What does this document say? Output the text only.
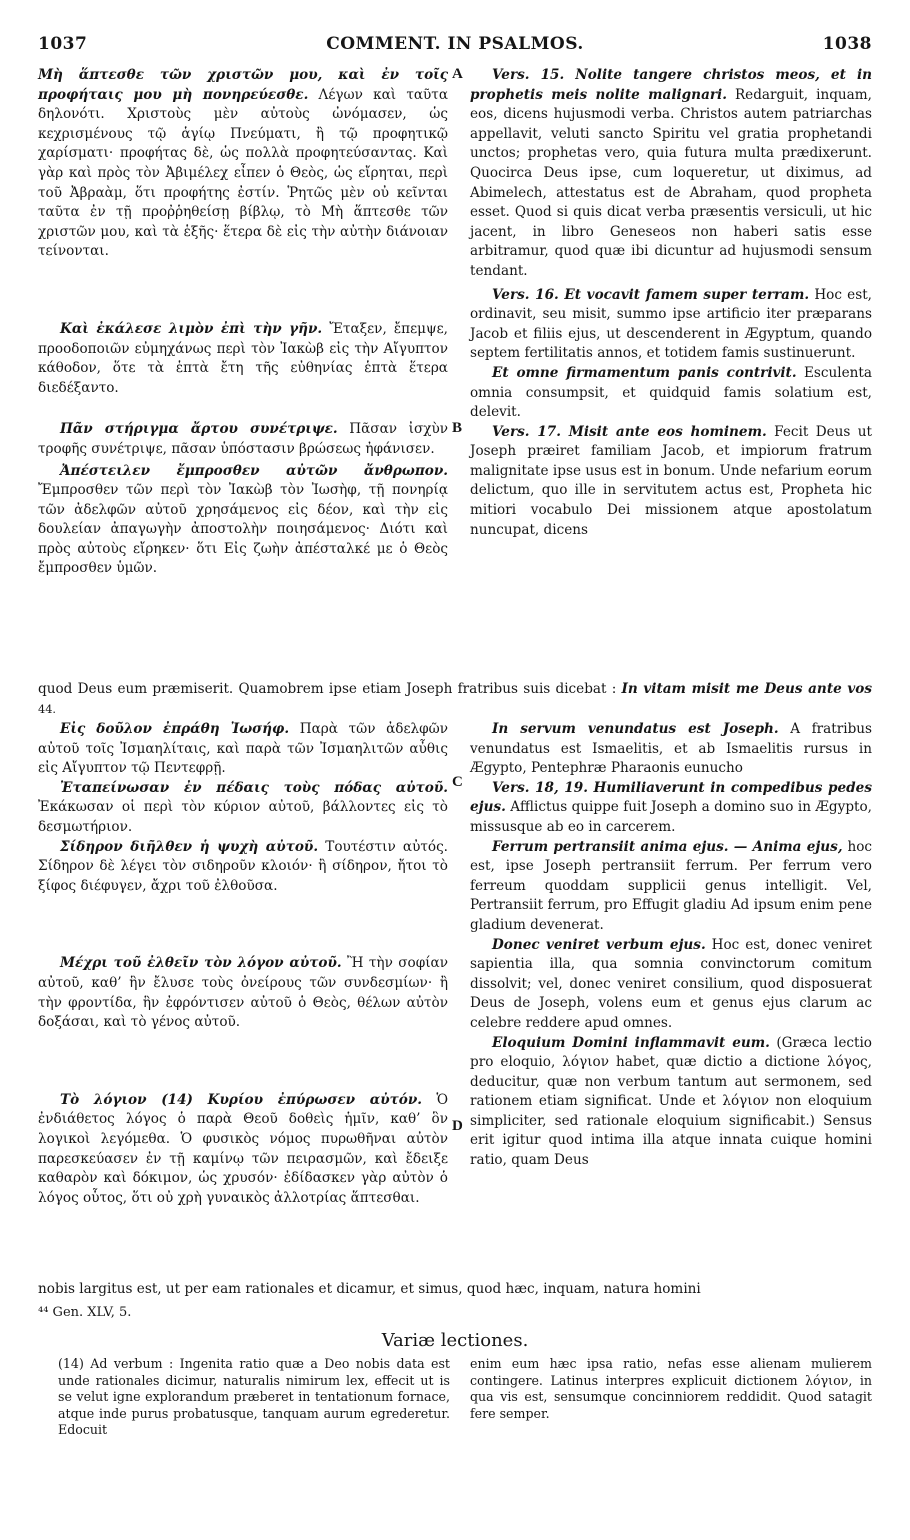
1037	COMMENT. IN PSALMOS.	1038
A
B
C
D

Μὴ ἅπτεσθε τῶν χριστῶν μου, καὶ ἐν τοῖς προφήταις μου μὴ πονηρεύεσθε. Λέγων καὶ ταῦτα δηλονότι. Χριστοὺς μὲν αὐτοὺς ὠνόμασεν, ὡς κεχρισμένους τῷ ἁγίῳ Πνεύματι, ἢ τῷ προφητικῷ χαρίσματι· προφήτας δὲ, ὡς πολλὰ προφητεύσαντας. Καὶ γὰρ καὶ πρὸς τὸν Ἀβιμέλεχ εἶπεν ὁ Θεὸς, ὡς εἴρηται, περὶ τοῦ Ἀβραὰμ, ὅτι προφήτης ἐστίν. Ῥητῶς μὲν οὐ κεῖνται ταῦτα ἐν τῇ προῤῥηθείσῃ βίβλῳ, τὸ Μὴ ἅπτεσθε τῶν χριστῶν μου, καὶ τὰ ἑξῆς· ἕτερα δὲ εἰς τὴν αὐτὴν διάνοιαν τείνονται.

Καὶ ἐκάλεσε λιμὸν ἐπὶ τὴν γῆν. Ἔταξεν, ἔπεμψε, προοδοποιῶν εὐμηχάνως περὶ τὸν Ἰακὼβ εἰς τὴν Αἴγυπτον κάθοδον, ὅτε τὰ ἑπτὰ ἔτη τῆς εὐθηνίας ἑπτὰ ἕτερα διεδέξαντο.

Πᾶν στήριγμα ἄρτου συνέτριψε. Πᾶσαν ἰσχὺν τροφῆς συνέτριψε, πᾶσαν ὑπόστασιν βρώσεως ἠφάνισεν.

Ἀπέστειλεν ἔμπροσθεν αὐτῶν ἄνθρωπον. Ἔμπροσθεν τῶν περὶ τὸν Ἰακὼβ τὸν Ἰωσὴφ, τῇ πονηρίᾳ τῶν ἀδελφῶν αὐτοῦ χρησάμενος εἰς δέον, καὶ τὴν εἰς δουλείαν ἀπαγωγὴν ἀποστολὴν ποιησάμενος· Διότι καὶ πρὸς αὐτοὺς εἴρηκεν· ὅτι Εἰς ζωὴν ἀπέσταλκέ με ὁ Θεὸς ἔμπροσθεν ὑμῶν.

Vers. 15. Nolite tangere christos meos, et in prophetis meis nolite malignari. Redarguit, inquam, eos, dicens hujusmodi verba. Christos autem patriarchas appellavit, veluti sancto Spiritu vel gratia prophetandi unctos; prophetas vero, quia futura multa prædixerunt. Quocirca Deus ipse, cum loqueretur, ut diximus, ad Abimelech, attestatus est de Abraham, quod propheta esset. Quod si quis dicat verba præsentis versiculi, ut hic jacent, in libro Geneseos non haberi satis esse arbitramur, quod quæ ibi dicuntur ad hujusmodi sensum tendant.

Vers. 16. Et vocavit famem super terram. Hoc est, ordinavit, seu misit, summo ipse artificio iter præparans Jacob et filiis ejus, ut descenderent in Ægyptum, quando septem fertilitatis annos, et totidem famis sustinuerunt.

Et omne firmamentum panis contrivit. Esculenta omnia consumpsit, et quidquid famis solatium est, delevit.

Vers. 17. Misit ante eos hominem. Fecit Deus ut Joseph præiret familiam Jacob, et impiorum fratrum malignitate ipse usus est in bonum. Unde nefarium eorum delictum, quo ille in servitutem actus est, Propheta hic mitiori vocabulo Dei missionem atque apostolatum nuncupat, dicens

quod Deus eum præmiserit. Quamobrem ipse etiam Joseph fratribus suis dicebat : In vitam misit me Deus ante vos $^{44.}$

Εἰς δοῦλον ἐπράθη Ἰωσήφ. Παρὰ τῶν ἀδελφῶν αὐτοῦ τοῖς Ἰσμαηλίταις, καὶ παρὰ τῶν Ἰσμαηλιτῶν αὖθις εἰς Αἴγυπτον τῷ Πεντεφρῇ.

Ἐταπείνωσαν ἐν πέδαις τοὺς πόδας αὐτοῦ. Ἐκάκωσαν οἱ περὶ τὸν κύριον αὐτοῦ, βάλλοντες εἰς τὸ δεσμωτήριον.

Σίδηρον διῆλθεν ἡ ψυχὴ αὐτοῦ. Τουτέστιν αὐτός. Σίδηρον δὲ λέγει τὸν σιδηροῦν κλοιόν· ἢ σίδηρον, ἤτοι τὸ ξίφος διέφυγεν, ἄχρι τοῦ ἐλθοῦσα.

Μέχρι τοῦ ἐλθεῖν τὸν λόγον αὐτοῦ. Ἢ τὴν σοφίαν αὐτοῦ, καθ’ ἣν ἔλυσε τοὺς ὀνείρους τῶν συνδεσμίων· ἢ τὴν φροντίδα, ἣν ἐφρόντισεν αὐτοῦ ὁ Θεὸς, θέλων αὐτὸν δοξάσαι, καὶ τὸ γένος αὐτοῦ.

Τὸ λόγιον (14) Κυρίου ἐπύρωσεν αὐτόν. Ὁ ἐνδιάθετος λόγος ὁ παρὰ Θεοῦ δοθεὶς ἡμῖν, καθ’ ὃν λογικοὶ λεγόμεθα. Ὁ φυσικὸς νόμος πυρωθῆναι αὐτὸν παρεσκεύασεν ἐν τῇ καμίνῳ τῶν πειρασμῶν, καὶ ἔδειξε καθαρὸν καὶ δόκιμον, ὡς χρυσόν· ἐδίδασκεν γὰρ αὐτὸν ὁ λόγος οὗτος, ὅτι οὐ χρὴ γυναικὸς ἀλλοτρίας ἅπτεσθαι.

In servum venundatus est Joseph. A fratribus venundatus est Ismaelitis, et ab Ismaelitis rursus in Ægypto, Pentephræ Pharaonis eunucho

Vers. 18, 19. Humiliaverunt in compedibus pedes ejus. Afflictus quippe fuit Joseph a domino suo in Ægypto, missusque ab eo in carcerem.

Ferrum pertransiit anima ejus. — Anima ejus, hoc est, ipse Joseph pertransiit ferrum. Per ferrum vero ferreum quoddam supplicii genus intelligit. Vel, Pertransiit ferrum, pro Effugit gladiu Ad ipsum enim pene gladium devenerat.

Donec veniret verbum ejus. Hoc est, donec veniret sapientia illa, qua somnia convinctorum comitum dissolvit; vel, donec veniret consilium, quod disposuerat Deus de Joseph, volens eum et genus ejus clarum ac celebre reddere apud omnes.

Eloquium Domini inflammavit eum. (Græca lectio pro eloquio, λόγιον habet, quæ dictio a dictione λόγος, deducitur, quæ non verbum tantum aut sermonem, sed rationem etiam significat. Unde et λόγιον non eloquium simpliciter, sed rationale eloquium significabit.) Sensus erit igitur quod intima illa atque innata cuique homini ratio, quam Deus

nobis largitus est, ut per eam rationales et dicamur, et simus, quod hæc, inquam, natura homini
⁴⁴ Gen. XLV, 5.
Variæ lectiones.

(14) Ad verbum : Ingenita ratio quæ a Deo nobis data est unde rationales dicimur, naturalis nimirum lex, effecit ut is se velut igne explorandum præberet in tentationum fornace, atque inde purus probatusque, tanquam aurum egrederetur. Edocuit

enim eum hæc ipsa ratio, nefas esse alienam mulierem contingere. Latinus interpres explicuit dictionem λόγιον, in qua vis est, sensumque concinniorem reddidit. Quod satagit fere semper.
